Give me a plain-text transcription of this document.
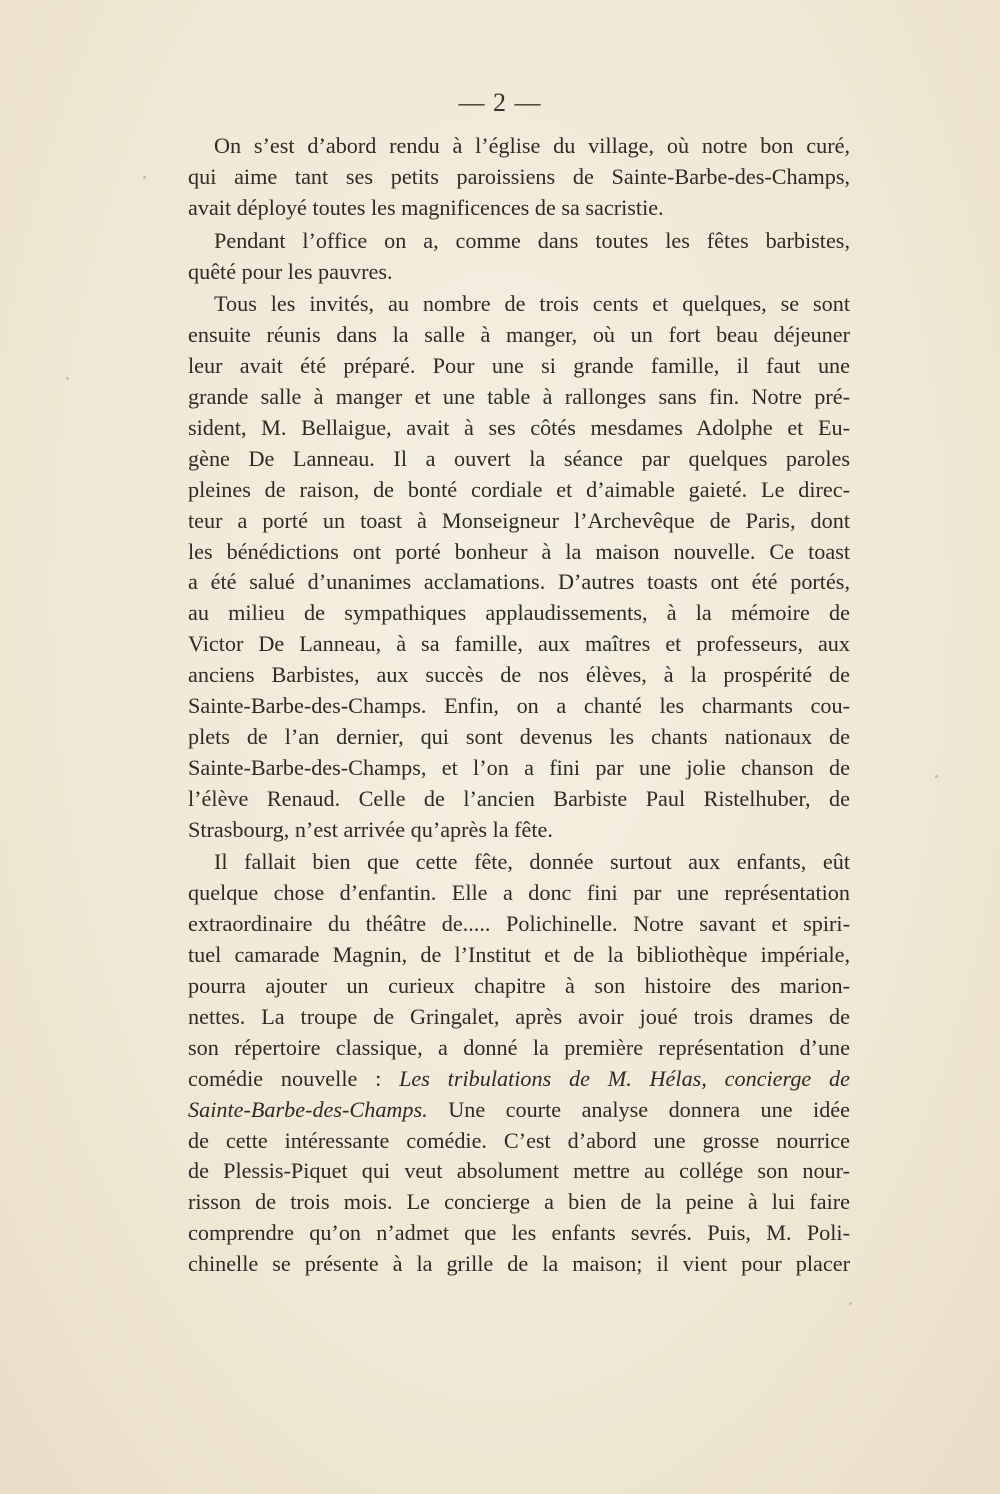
— 2 —
On s’est d’abord rendu à l’église du village, où notre bon curé,
qui aime tant ses petits paroissiens de Sainte-Barbe-des-Champs,
avait déployé toutes les magnificences de sa sacristie.
Pendant l’office on a, comme dans toutes les fêtes barbistes,
quêté pour les pauvres.
Tous les invités, au nombre de trois cents et quelques, se sont
ensuite réunis dans la salle à manger, où un fort beau déjeuner
leur avait été préparé. Pour une si grande famille, il faut une
grande salle à manger et une table à rallonges sans fin. Notre pré-
sident, M. Bellaigue, avait à ses côtés mesdames Adolphe et Eu-
gène De Lanneau. Il a ouvert la séance par quelques paroles
pleines de raison, de bonté cordiale et d’aimable gaieté. Le direc-
teur a porté un toast à Monseigneur l’Archevêque de Paris, dont
les bénédictions ont porté bonheur à la maison nouvelle. Ce toast
a été salué d’unanimes acclamations. D’autres toasts ont été portés,
au milieu de sympathiques applaudissements, à la mémoire de
Victor De Lanneau, à sa famille, aux maîtres et professeurs, aux
anciens Barbistes, aux succès de nos élèves, à la prospérité de
Sainte-Barbe-des-Champs. Enfin, on a chanté les charmants cou-
plets de l’an dernier, qui sont devenus les chants nationaux de
Sainte-Barbe-des-Champs, et l’on a fini par une jolie chanson de
l’élève Renaud. Celle de l’ancien Barbiste Paul Ristelhuber, de
Strasbourg, n’est arrivée qu’après la fête.
Il fallait bien que cette fête, donnée surtout aux enfants, eût
quelque chose d’enfantin. Elle a donc fini par une représentation
extraordinaire du théâtre de..... Polichinelle. Notre savant et spiri-
tuel camarade Magnin, de l’Institut et de la bibliothèque impériale,
pourra ajouter un curieux chapitre à son histoire des marion-
nettes. La troupe de Gringalet, après avoir joué trois drames de
son répertoire classique, a donné la première représentation d’une
comédie nouvelle : Les tribulations de M. Hélas, concierge de
Sainte-Barbe-des-Champs. Une courte analyse donnera une idée
de cette intéressante comédie. C’est d’abord une grosse nourrice
de Plessis-Piquet qui veut absolument mettre au collége son nour-
risson de trois mois. Le concierge a bien de la peine à lui faire
comprendre qu’on n’admet que les enfants sevrés. Puis, M. Poli-
chinelle se présente à la grille de la maison; il vient pour placer
